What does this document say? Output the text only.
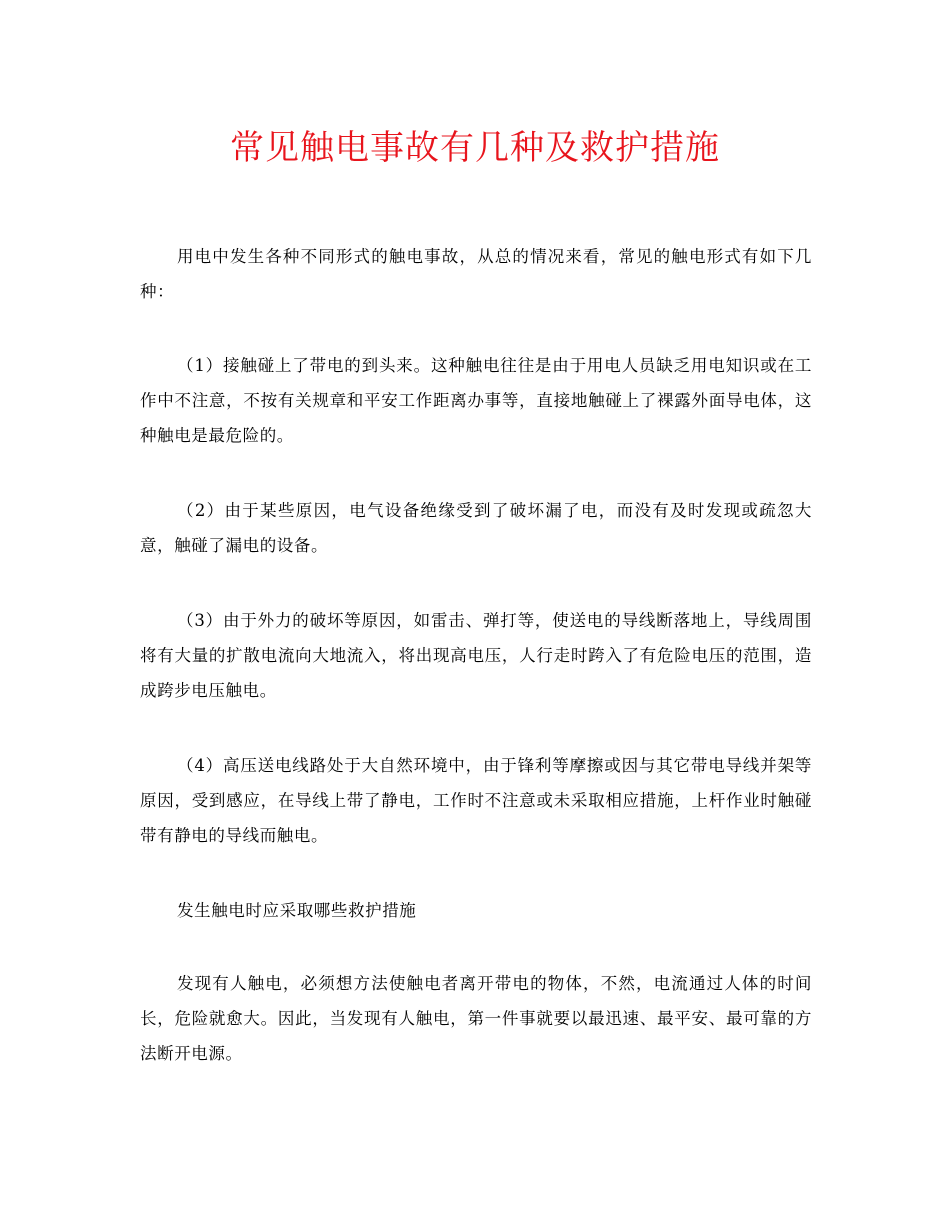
常见触电事故有几种及救护措施

用电中发生各种不同形式的触电事故，从总的情况来看，常见的触电形式有如下几种：

（1）接触碰上了带电的到头来。这种触电往往是由于用电人员缺乏用电知识或在工作中不注意，不按有关规章和平安工作距离办事等，直接地触碰上了裸露外面导电体，这种触电是最危险的。

（2）由于某些原因，电气设备绝缘受到了破坏漏了电，而没有及时发现或疏忽大意，触碰了漏电的设备。

（3）由于外力的破坏等原因，如雷击、弹打等，使送电的导线断落地上，导线周围将有大量的扩散电流向大地流入，将出现高电压，人行走时跨入了有危险电压的范围，造成跨步电压触电。

（4）高压送电线路处于大自然环境中，由于锋利等摩擦或因与其它带电导线并架等原因，受到感应，在导线上带了静电，工作时不注意或未采取相应措施，上杆作业时触碰带有静电的导线而触电。

发生触电时应采取哪些救护措施

发现有人触电，必须想方法使触电者离开带电的物体，不然，电流通过人体的时间长，危险就愈大。因此，当发现有人触电，第一件事就要以最迅速、最平安、最可靠的方法断开电源。
